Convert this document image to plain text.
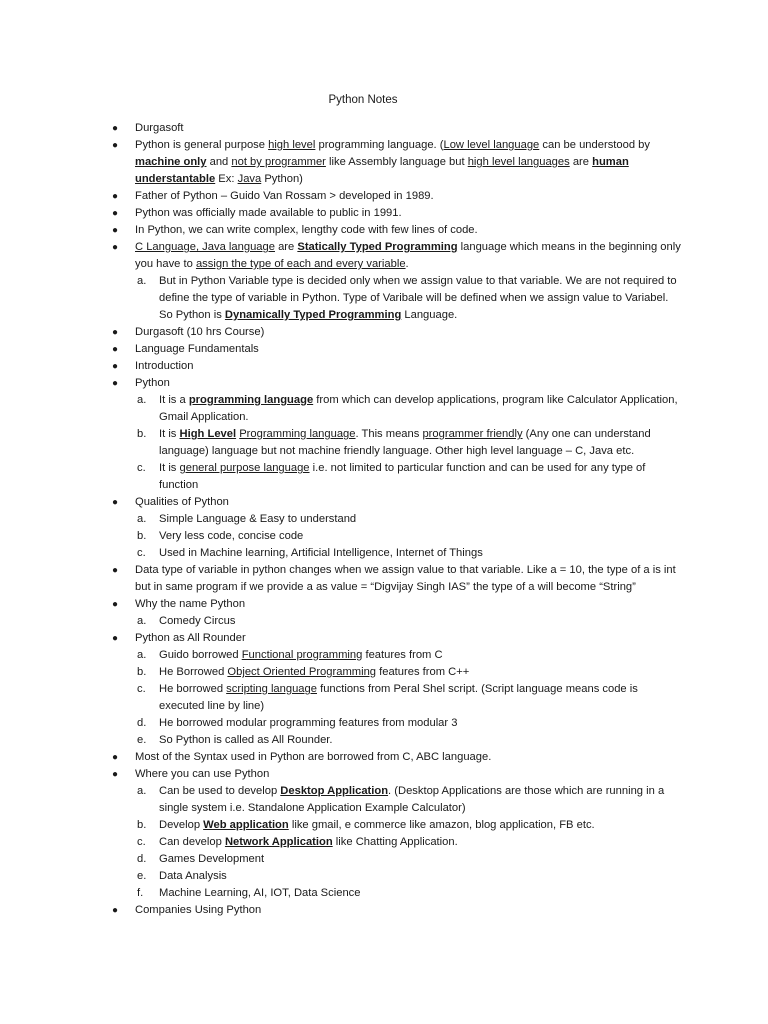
Python Notes
● Durgasoft
● Python is general purpose high level programming language. (Low level language can be understood by machine only and not by programmer like Assembly language but high level languages are human understantable Ex: Java Python)
● Father of Python – Guido Van Rossam > developed in 1989.
● Python was officially made available to public in 1991.
● In Python, we can write complex, lengthy code with few lines of code.
● C Language, Java language are Statically Typed Programming language which means in the beginning only you have to assign the type of each and every variable.
a. But in Python Variable type is decided only when we assign value to that variable. We are not required to define the type of variable in Python. Type of Varibale will be defined when we assign value to Variabel. So Python is Dynamically Typed Programming Language.
● Durgasoft (10 hrs Course)
● Language Fundamentals
● Introduction
● Python
a. It is a programming language from which can develop applications, program like Calculator Application, Gmail Application.
b. It is High Level Programming language. This means programmer friendly (Any one can understand language) language but not machine friendly language. Other high level language – C, Java etc.
c. It is general purpose language i.e. not limited to particular function and can be used for any type of function
● Qualities of Python
a. Simple Language & Easy to understand
b. Very less code, concise code
c. Used in Machine learning, Artificial Intelligence, Internet of Things
● Data type of variable in python changes when we assign value to that variable. Like a = 10, the type of a is int but in same program if we provide a as value = “Digvijay Singh IAS” the type of a will become “String”
● Why the name Python
a. Comedy Circus
● Python as All Rounder
a. Guido borrowed Functional programming features from C
b. He Borrowed Object Oriented Programming features from C++
c. He borrowed scripting language functions from Peral Shel script. (Script language means code is executed line by line)
d. He borrowed modular programming features from modular 3
e. So Python is called as All Rounder.
● Most of the Syntax used in Python are borrowed from C, ABC language.
● Where you can use Python
a. Can be used to develop Desktop Application. (Desktop Applications are those which are running in a single system i.e. Standalone Application Example Calculator)
b. Develop Web application like gmail, e commerce like amazon, blog application, FB etc.
c. Can develop Network Application like Chatting Application.
d. Games Development
e. Data Analysis
f. Machine Learning, AI, IOT, Data Science
● Companies Using Python
